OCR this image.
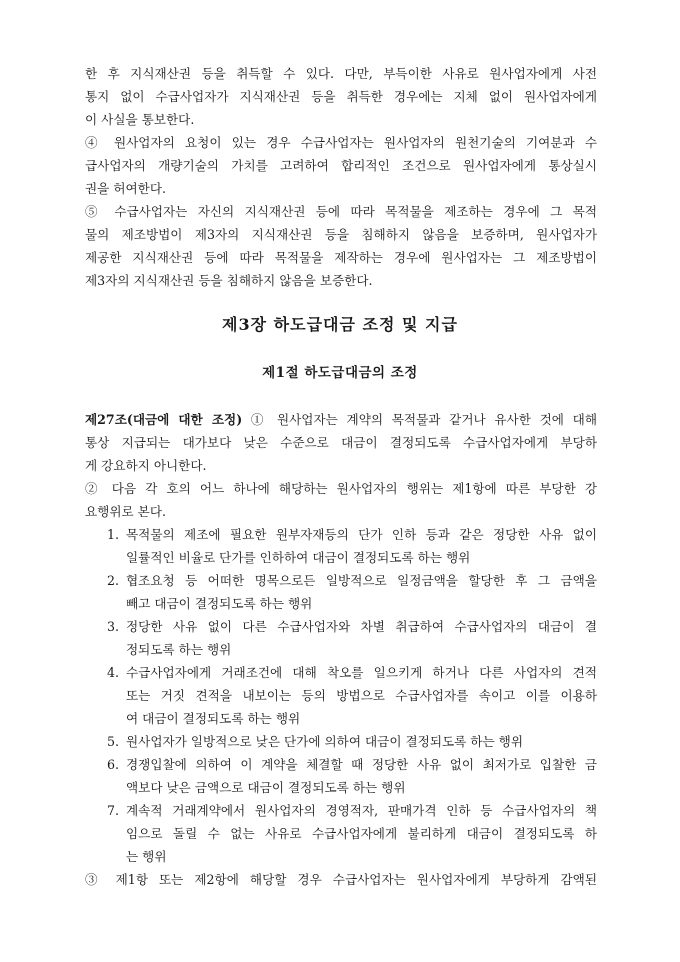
한 후 지식재산권 등을 취득할 수 있다. 다만, 부득이한 사유로 원사업자에게 사전
통지 없이 수급사업자가 지식재산권 등을 취득한 경우에는 지체 없이 원사업자에게
이 사실을 통보한다.
④ 원사업자의 요청이 있는 경우 수급사업자는 원사업자의 원천기술의 기여분과 수
급사업자의 개량기술의 가치를 고려하여 합리적인 조건으로 원사업자에게 통상실시
권을 허여한다.
⑤ 수급사업자는 자신의 지식재산권 등에 따라 목적물을 제조하는 경우에 그 목적
물의 제조방법이 제3자의 지식재산권 등을 침해하지 않음을 보증하며, 원사업자가
제공한 지식재산권 등에 따라 목적물을 제작하는 경우에 원사업자는 그 제조방법이
제3자의 지식재산권 등을 침해하지 않음을 보증한다.
제3장 하도급대금 조정 및 지급
제1절 하도급대금의 조정
제27조(대금에 대한 조정) ① 원사업자는 계약의 목적물과 같거나 유사한 것에 대해
통상 지급되는 대가보다 낮은 수준으로 대금이 결정되도록 수급사업자에게 부당하
게 강요하지 아니한다.
② 다음 각 호의 어느 하나에 해당하는 원사업자의 행위는 제1항에 따른 부당한 강
요행위로 본다.
1. 목적물의 제조에 필요한 원부자재등의 단가 인하 등과 같은 정당한 사유 없이
일률적인 비율로 단가를 인하하여 대금이 결정되도록 하는 행위
2. 협조요청 등 어떠한 명목으로든 일방적으로 일정금액을 할당한 후 그 금액을
빼고 대금이 결정되도록 하는 행위
3. 정당한 사유 없이 다른 수급사업자와 차별 취급하여 수급사업자의 대금이 결
정되도록 하는 행위
4. 수급사업자에게 거래조건에 대해 착오를 일으키게 하거나 다른 사업자의 견적
또는 거짓 견적을 내보이는 등의 방법으로 수급사업자를 속이고 이를 이용하
여 대금이 결정되도록 하는 행위
5. 원사업자가 일방적으로 낮은 단가에 의하여 대금이 결정되도록 하는 행위
6. 경쟁입찰에 의하여 이 계약을 체결할 때 정당한 사유 없이 최저가로 입찰한 금
액보다 낮은 금액으로 대금이 결정되도록 하는 행위
7. 계속적 거래계약에서 원사업자의 경영적자, 판매가격 인하 등 수급사업자의 책
임으로 돌릴 수 없는 사유로 수급사업자에게 불리하게 대금이 결정되도록 하
는 행위
③ 제1항 또는 제2항에 해당할 경우 수급사업자는 원사업자에게 부당하게 감액된
